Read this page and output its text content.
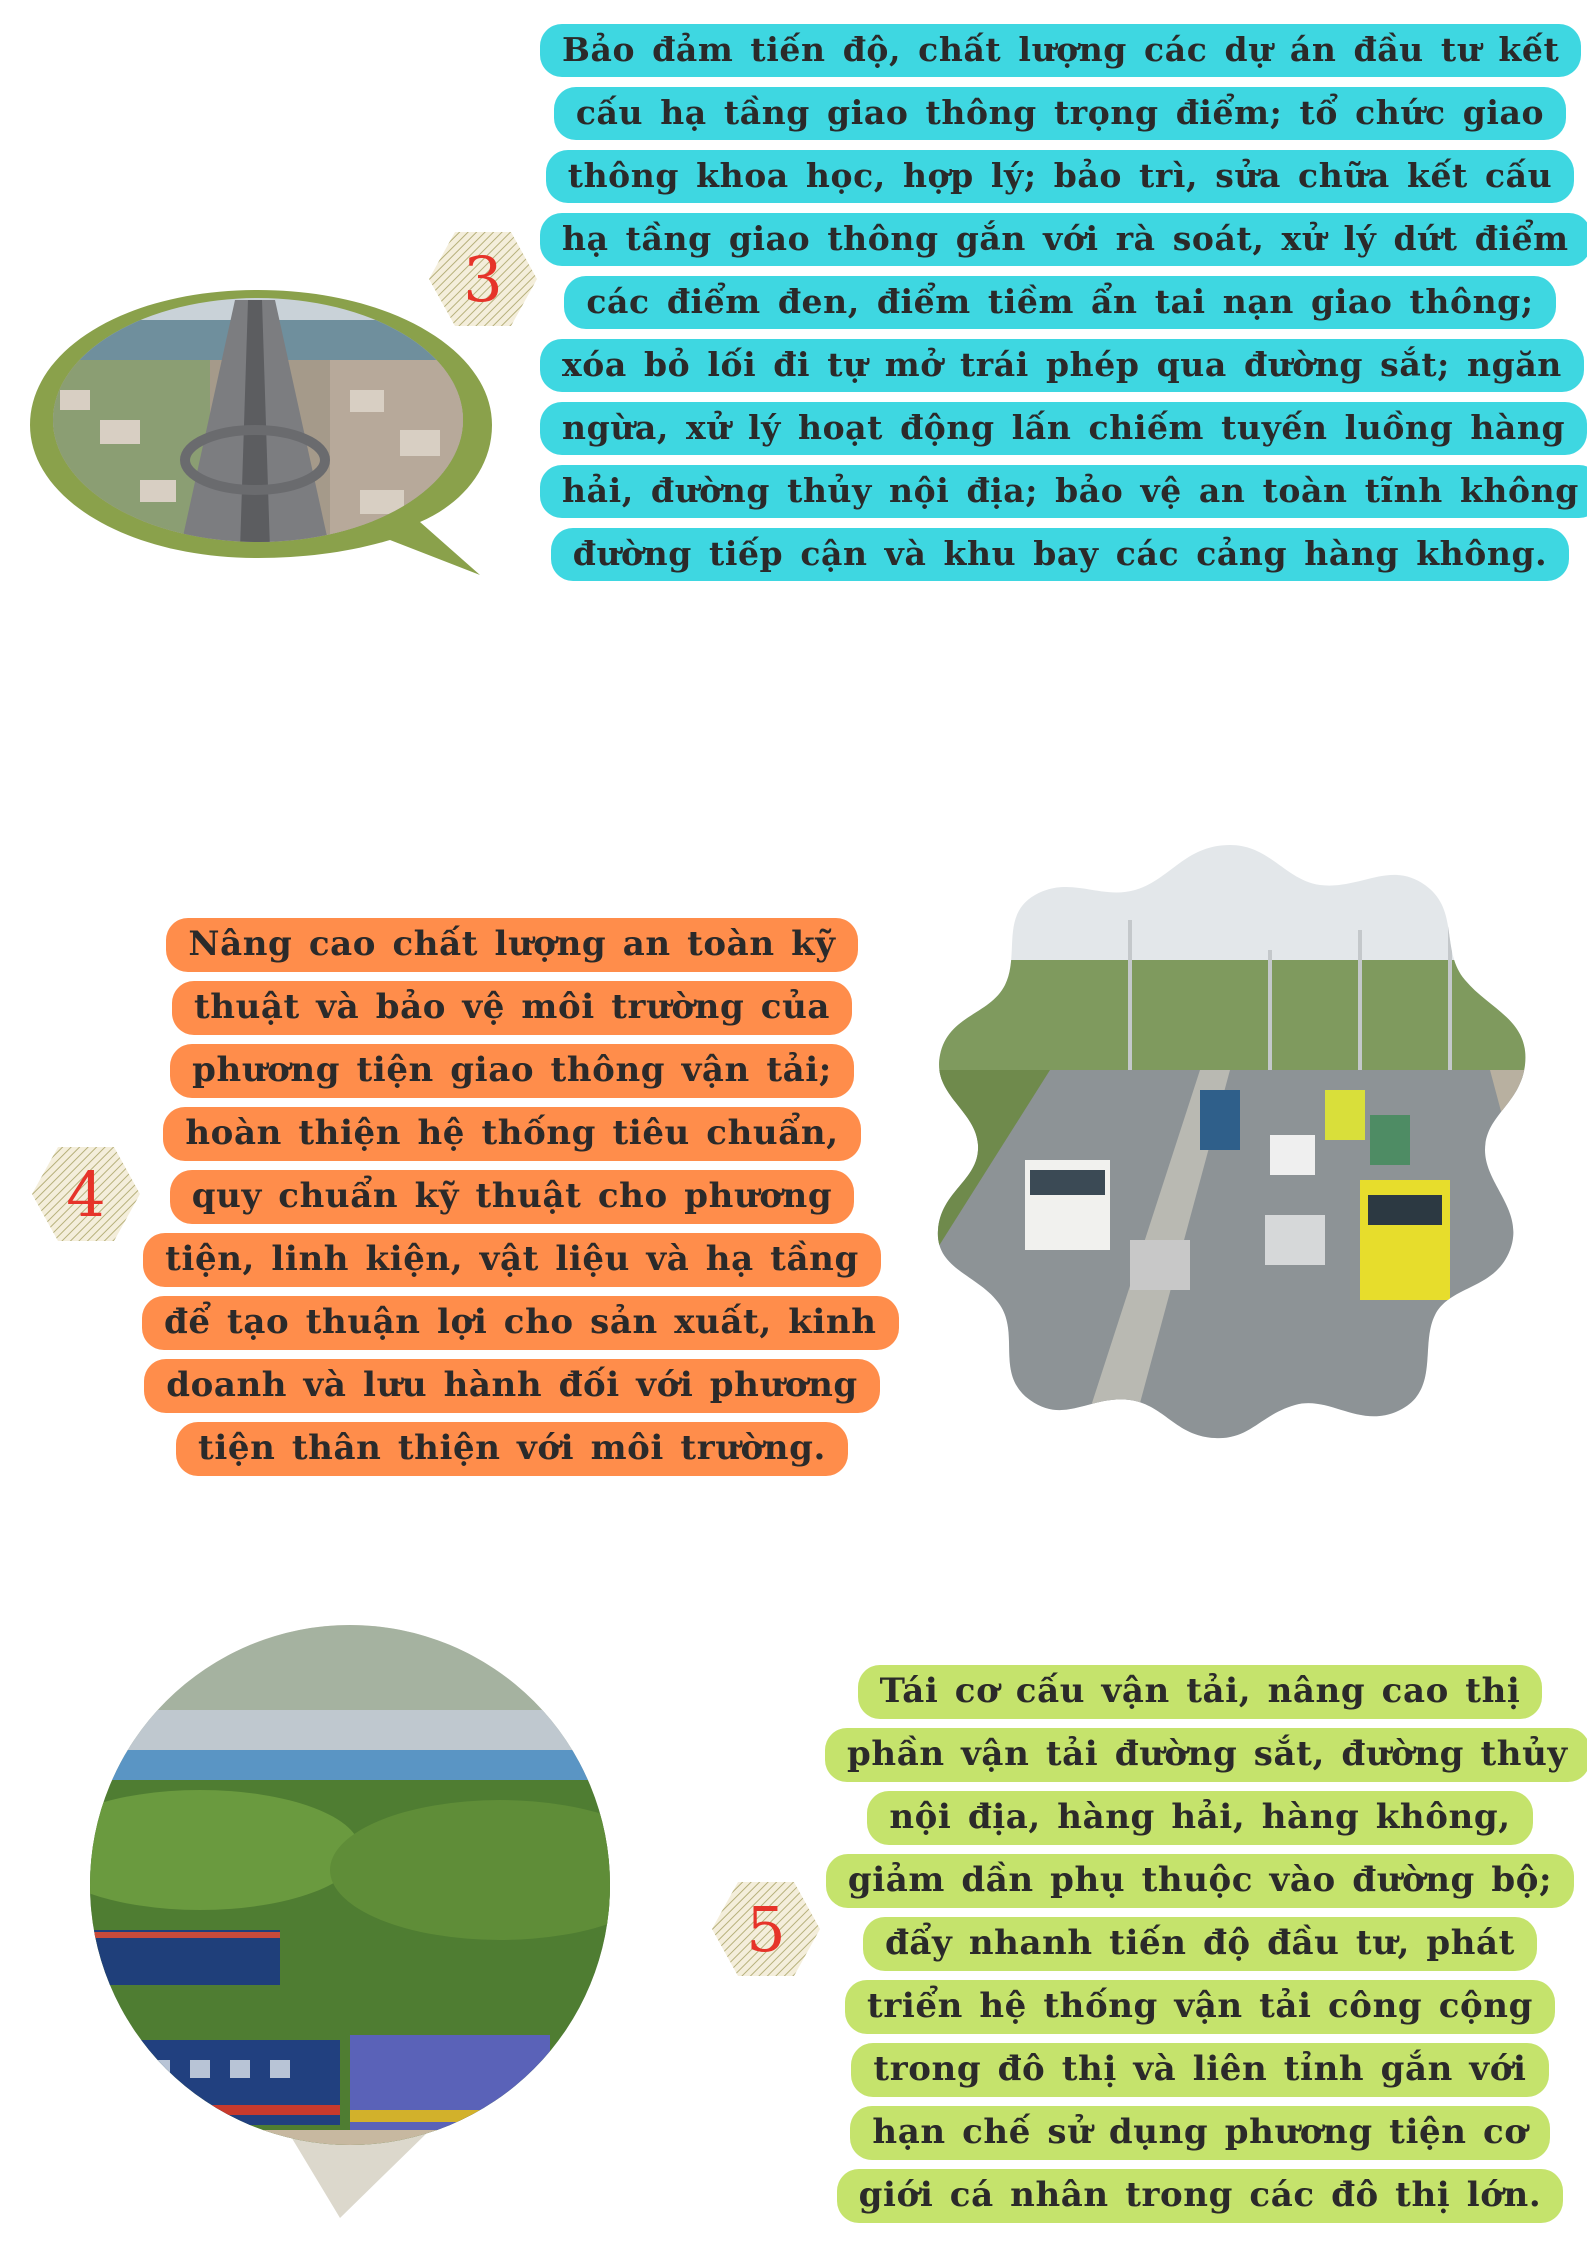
3

Bảo đảm tiến độ, chất lượng các dự án đầu tư kết cấu hạ tầng giao thông trọng điểm; tổ chức giao thông khoa học, hợp lý; bảo trì, sửa chữa kết cấu hạ tầng giao thông gắn với rà soát, xử lý dứt điểm các điểm đen, điểm tiềm ẩn tai nạn giao thông; xóa bỏ lối đi tự mở trái phép qua đường sắt; ngăn ngừa, xử lý hoạt động lấn chiếm tuyến luồng hàng hải, đường thủy nội địa; bảo vệ an toàn tĩnh không đường tiếp cận và khu bay các cảng hàng không.

Nâng cao chất lượng an toàn kỹ thuật và bảo vệ môi trường của phương tiện giao thông vận tải; hoàn thiện hệ thống tiêu chuẩn, quy chuẩn kỹ thuật cho phương tiện, linh kiện, vật liệu và hạ tầng để tạo thuận lợi cho sản xuất, kinh doanh và lưu hành đối với phương tiện thân thiện với môi trường.

4
5

Tái cơ cấu vận tải, nâng cao thị phần vận tải đường sắt, đường thủy nội địa, hàng hải, hàng không, giảm dần phụ thuộc vào đường bộ; đẩy nhanh tiến độ đầu tư, phát triển hệ thống vận tải công cộng trong đô thị và liên tỉnh gắn với hạn chế sử dụng phương tiện cơ giới cá nhân trong các đô thị lớn.
